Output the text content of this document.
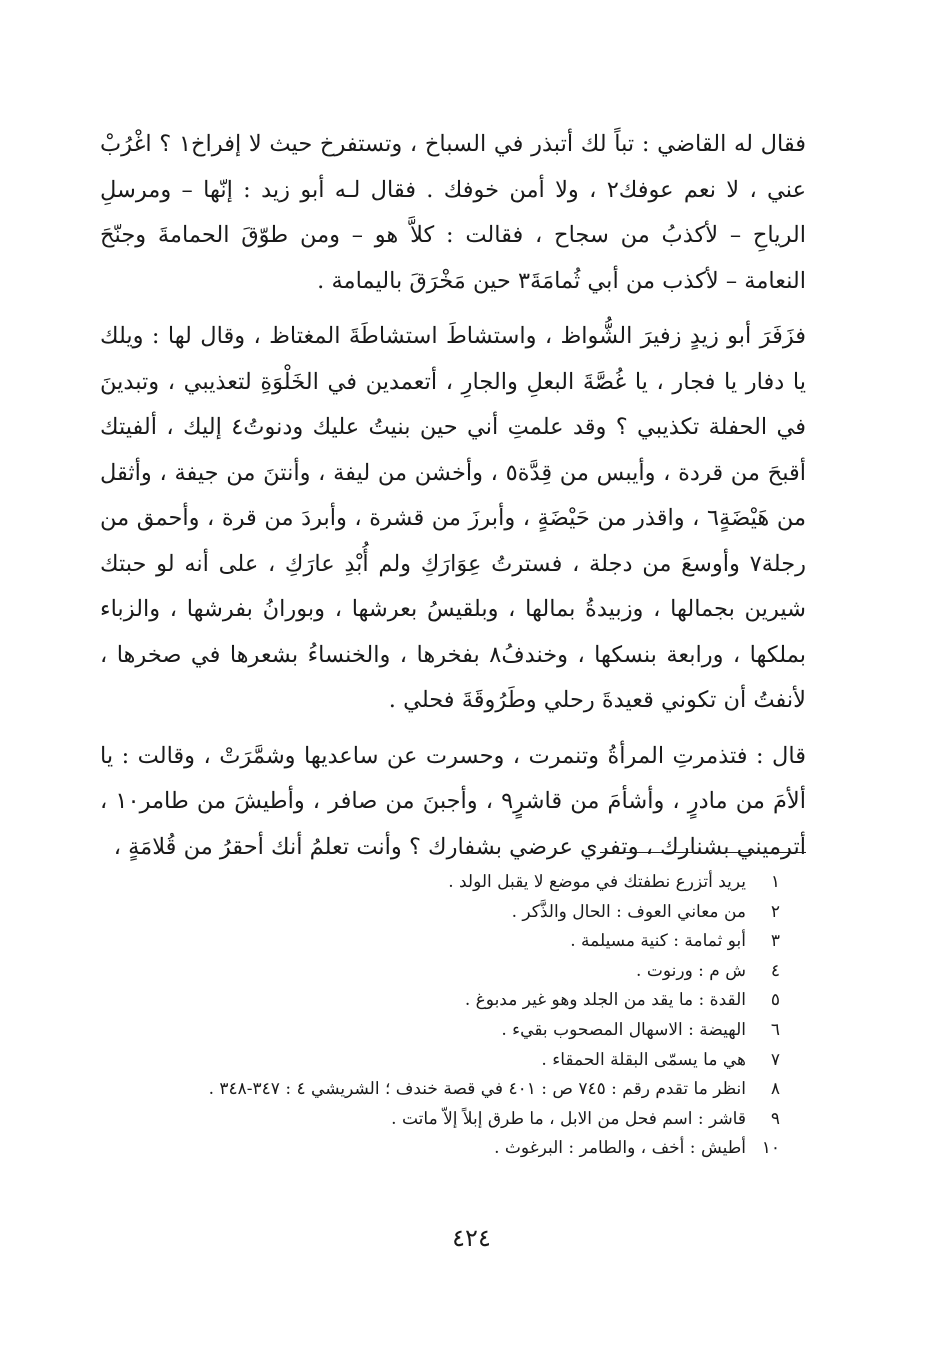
فقال له القاضي : تباً لك أتبذر في السباخ ، وتستفرخ حيث لا إفراخ١ ؟ اغْرُبْ عني ، لا نعم عوفك٢ ، ولا أمن خوفك . فقال لـه أبو زيد : إنّها – ومرسلِ الرياحِ – لأكذبُ من سجاح ، فقالت : كلاَّ هو – ومن طوّقَ الحمامةَ وجنّحَ النعامة – لأكذب من أبي ثُمامَةَ٣ حين مَخْرَقَ باليمامة .

فزَفَرَ أبو زيدٍ زفيرَ الشُّواظ ، واستشاطَ استشاطَةَ المغتاظ ، وقال لها : ويلك يا دفار يا فجار ، يا غُصَّةَ البعلِ والجارِ ، أتعمدين في الخَلْوَةِ لتعذيبي ، وتبدينَ في الحفلة تكذيبي ؟ وقد علمتِ أني حين بنيتُ عليك ودنوتُ٤ إليك ، ألفيتك أقبحَ من قردة ، وأيبس من قِدَّة٥ ، وأخشن من ليفة ، وأنتنَ من جيفة ، وأثقل من هَيْضَةٍ٦ ، واقذر من حَيْضَةٍ ، وأبرزَ من قشرة ، وأبردَ من قرة ، وأحمق من رجلة٧ وأوسعَ من دجلة ، فسترتُ عِوَارَكِ ولم أُبْدِ عارَكِ ، على أنه لو حبتك شيرين بجمالها ، وزبيدةُ بمالها ، وبلقيسُ بعرشها ، وبورانُ بفرشها ، والزباء بملكها ، ورابعة بنسكها ، وخندفُ٨ بفخرها ، والخنساءُ بشعرها في صخرها ، لأنفتُ أن تكوني قعيدةَ رحلي وطَرُوقَةَ فحلي .

قال : فتذمرتِ المرأةُ وتنمرت ، وحسرت عن ساعديها وشمَّرَتْ ، وقالت : يا ألأمَ من مادرٍ ، وأشأمَ من قاشرٍ٩ ، وأجبنَ من صافر ، وأطيشَ من طامر١٠ ، أترميني بشنارك ، وتفري عرضي بشفارك ؟ وأنت تعلمُ أنك أحقرُ من قُلامَةٍ ،

١
يريد أتزرع نطفتك في موضع لا يقبل الولد .
٢
من معاني العوف : الحال والذَّكر .
٣
أبو ثمامة : كنية مسيلمة .
٤
ش م : ورنوت .
٥
القدة : ما يقد من الجلد وهو غير مدبوغ .
٦
الهيضة : الاسهال المصحوب بقيء .
٧
هي ما يسمّى البقلة الحمقاء .
٨
انظر ما تقدم رقم : ٧٤٥ ص : ٤٠١ في قصة خندف ؛ الشريشي ٤ : ٣٤٧-٣٤٨ .
٩
قاشر : اسم فحل من الابل ، ما طرق إبلاً إلاّ ماتت .
١٠
أطيش : أخف ، والطامر : البرغوث .
٤٢٤
